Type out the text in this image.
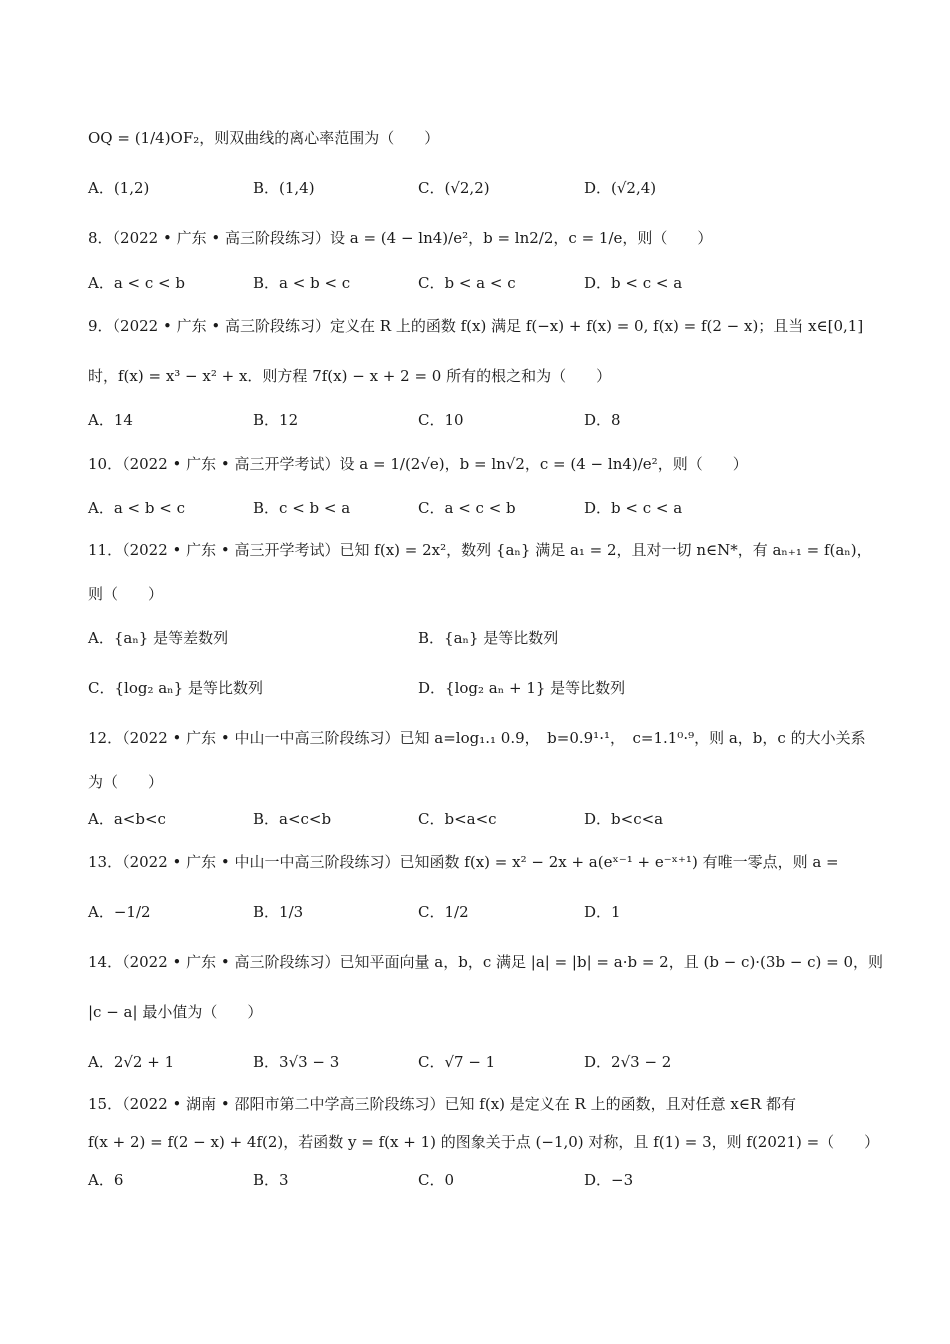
OQ = (1/4)OF₂，则双曲线的离心率范围为（　　）
A．(1,2)	B．(1,4)	C．(√2,2)	D．(√2,4)
8．（2022 • 广东 • 高三阶段练习）设 a = (4 − ln4)/e²，b = ln2/2，c = 1/e，则（　　）
A．a < c < b	B．a < b < c	C．b < a < c	D．b < c < a
9．（2022 • 广东 • 高三阶段练习）定义在 R 上的函数 f(x) 满足 f(−x) + f(x) = 0, f(x) = f(2 − x)；且当 x∈[0,1]
时，f(x) = x³ − x² + x．则方程 7f(x) − x + 2 = 0 所有的根之和为（　　）
A．14	B．12	C．10	D．8
10．（2022 • 广东 • 高三开学考试）设 a = 1/(2√e)，b = ln√2，c = (4 − ln4)/e²，则（　　）
A．a < b < c	B．c < b < a	C．a < c < b	D．b < c < a
11．（2022 • 广东 • 高三开学考试）已知 f(x) = 2x²，数列 {aₙ} 满足 a₁ = 2，且对一切 n∈N*，有 aₙ₊₁ = f(aₙ)，
则（　　）
A．{aₙ} 是等差数列	B．{aₙ} 是等比数列
C．{log₂ aₙ} 是等比数列	D．{log₂ aₙ + 1} 是等比数列
12．（2022 • 广东 • 中山一中高三阶段练习）已知 a=log₁.₁ 0.9，　b=0.9¹·¹，　c=1.1⁰·⁹，则 a，b，c 的大小关系
为（　　）
A．a<b<c	B．a<c<b	C．b<a<c	D．b<c<a
13．（2022 • 广东 • 中山一中高三阶段练习）已知函数 f(x) = x² − 2x + a(eˣ⁻¹ + e⁻ˣ⁺¹) 有唯一零点，则 a =
A．−1/2	B．1/3	C．1/2	D．1
14．（2022 • 广东 • 高三阶段练习）已知平面向量 a，b，c 满足 |a| = |b| = a·b = 2，且 (b − c)·(3b − c) = 0，则
|c − a| 最小值为（　　）
A．2√2 + 1	B．3√3 − 3	C．√7 − 1	D．2√3 − 2
15．（2022 • 湖南 • 邵阳市第二中学高三阶段练习）已知 f(x) 是定义在 R 上的函数，且对任意 x∈R 都有
f(x + 2) = f(2 − x) + 4f(2)，若函数 y = f(x + 1) 的图象关于点 (−1,0) 对称，且 f(1) = 3，则 f(2021) =（　　）
A．6	B．3	C．0	D．−3
